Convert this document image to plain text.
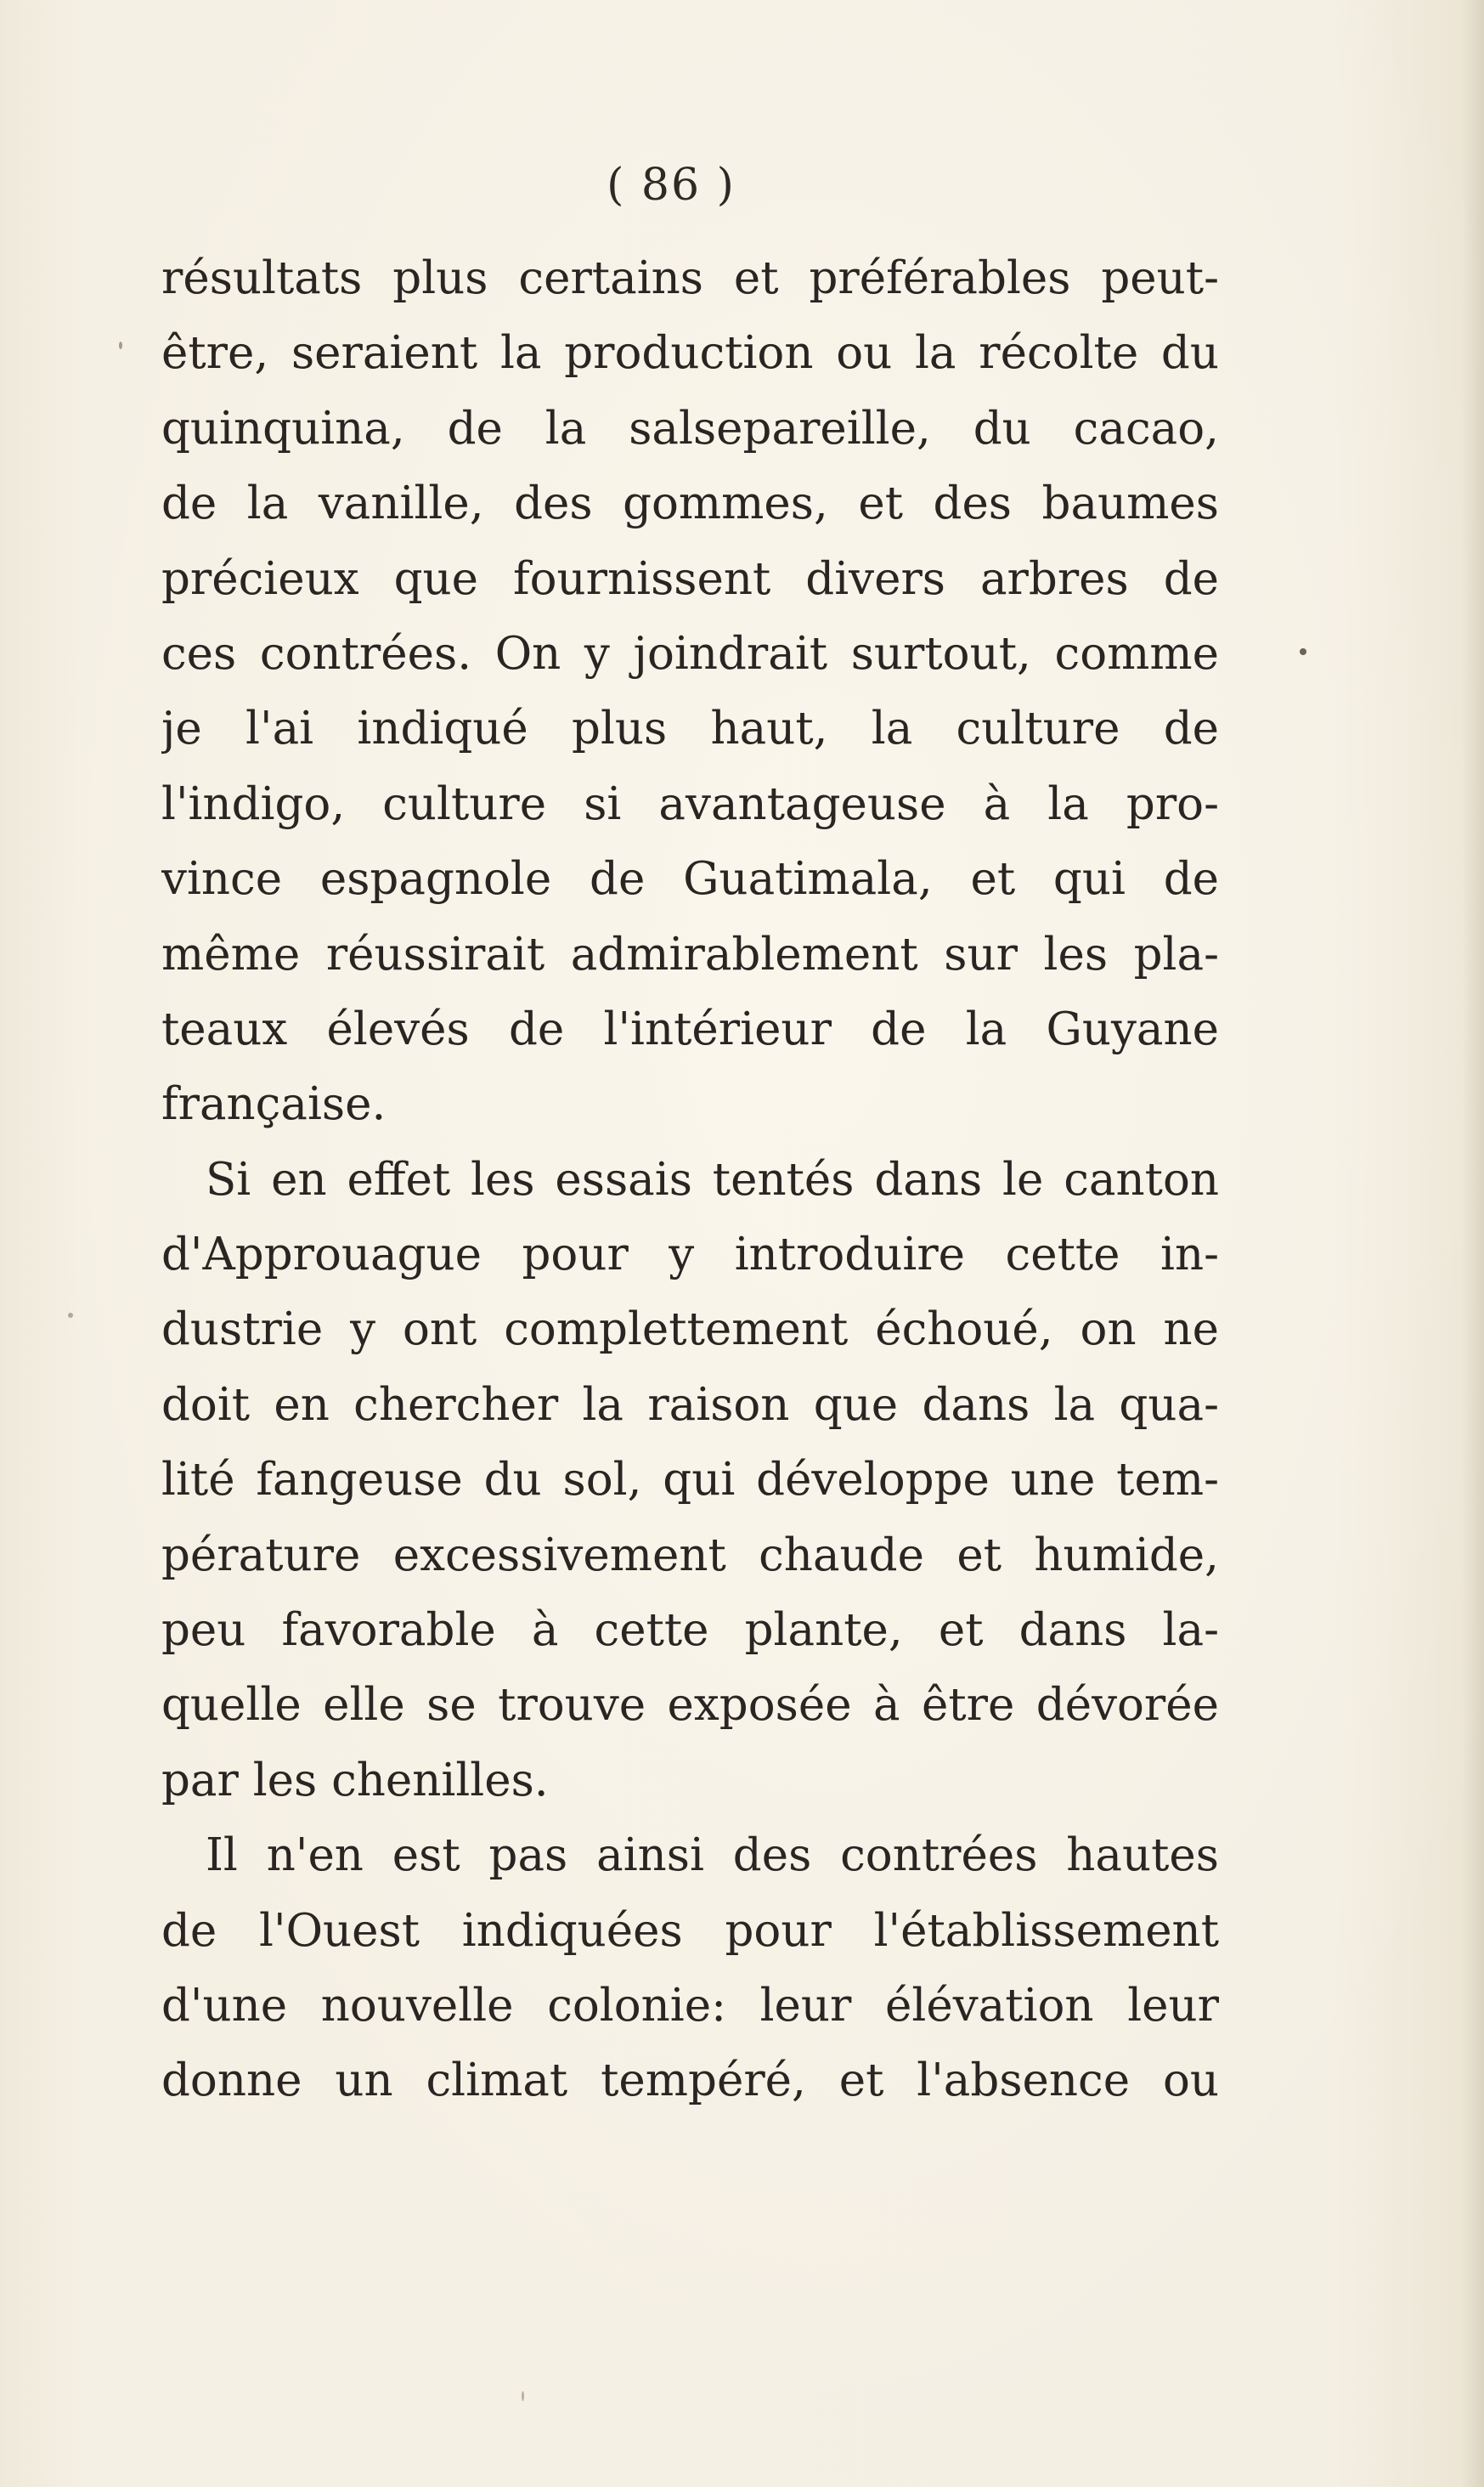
( 86 )
résultats plus certains et préférables peut-
être, seraient la production ou la récolte du
quinquina, de la salsepareille, du cacao,
de la vanille, des gommes, et des baumes
précieux que fournissent divers arbres de
ces contrées. On y joindrait surtout, comme
je l'ai indiqué plus haut, la culture de
l'indigo, culture si avantageuse à la pro-
vince espagnole de Guatimala, et qui de
même réussirait admirablement sur les pla-
teaux élevés de l'intérieur de la Guyane
française.
Si en effet les essais tentés dans le canton
d'Approuague pour y introduire cette in-
dustrie y ont complettement échoué, on ne
doit en chercher la raison que dans la qua-
lité fangeuse du sol, qui développe une tem-
pérature excessivement chaude et humide,
peu favorable à cette plante, et dans la-
quelle elle se trouve exposée à être dévorée
par les chenilles.
Il n'en est pas ainsi des contrées hautes
de l'Ouest indiquées pour l'établissement
d'une nouvelle colonie: leur élévation leur
donne un climat tempéré, et l'absence ou
